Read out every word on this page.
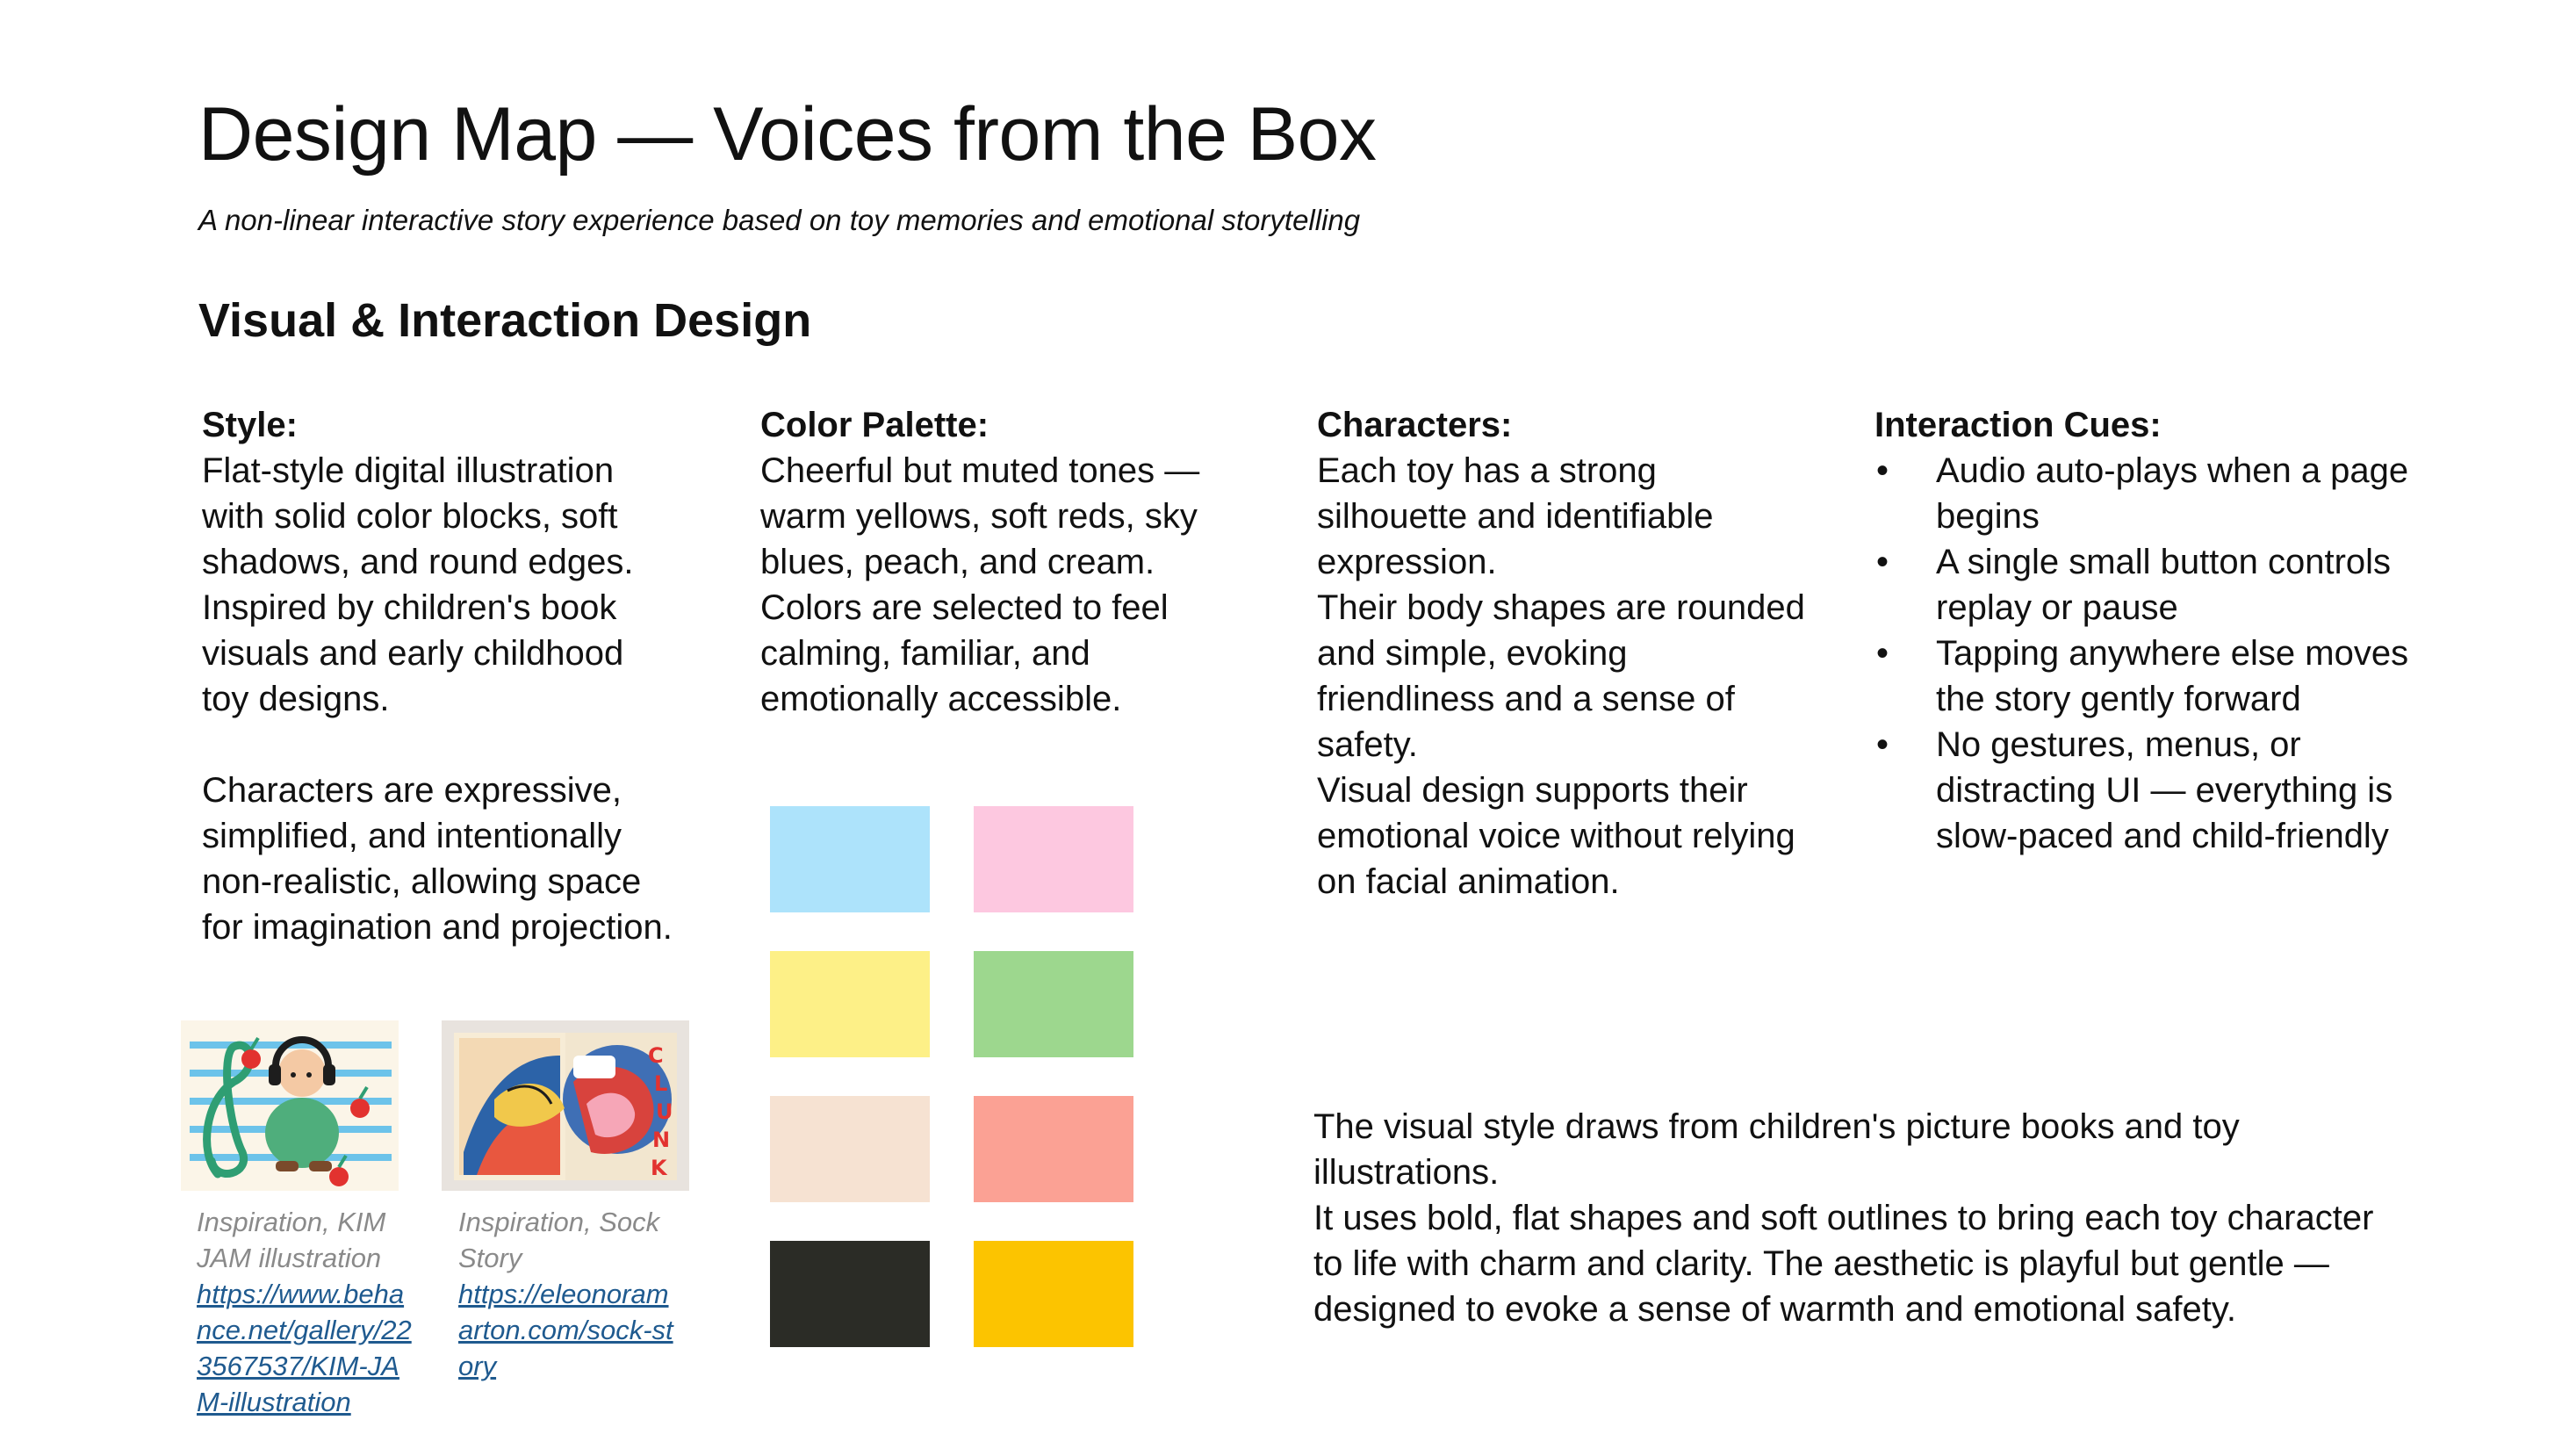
Design Map — Voices from the Box
A non-linear interactive story experience based on toy memories and emotional storytelling
Visual & Interaction Design
Style:

Flat-style digital illustration with solid color blocks, soft shadows, and round edges. Inspired by children's book visuals and early childhood toy designs.

Characters are expressive, simplified, and intentionally non-realistic, allowing space for imagination and projection.

Color Palette:

Cheerful but muted tones — warm yellows, soft reds, sky blues, peach, and cream.

Colors are selected to feel calming, familiar, and emotionally accessible.

Characters:

Each toy has a strong silhouette and identifiable expression.

Their body shapes are rounded and simple, evoking friendliness and a sense of safety.

Visual design supports their emotional voice without relying on facial animation.

Interaction Cues:
• Audio auto-plays when a page begins
• A single small button controls replay or pause
• Tapping anywhere else moves the story gently forward
• No gestures, menus, or distracting UI — everything is slow-paced and child-friendly

The visual style draws from children's picture books and toy illustrations.

It uses bold, flat shapes and soft outlines to bring each toy character to life with charm and clarity. The aesthetic is playful but gentle — designed to evoke a sense of warmth and emotional safety.

C
L
U
N
K
Inspiration, KIM JAM illustration
https://www.behance.net/gallery/223567537/KIM-JAM-illustration
Inspiration, Sock Story
https://eleonoramarton.com/sock-story
